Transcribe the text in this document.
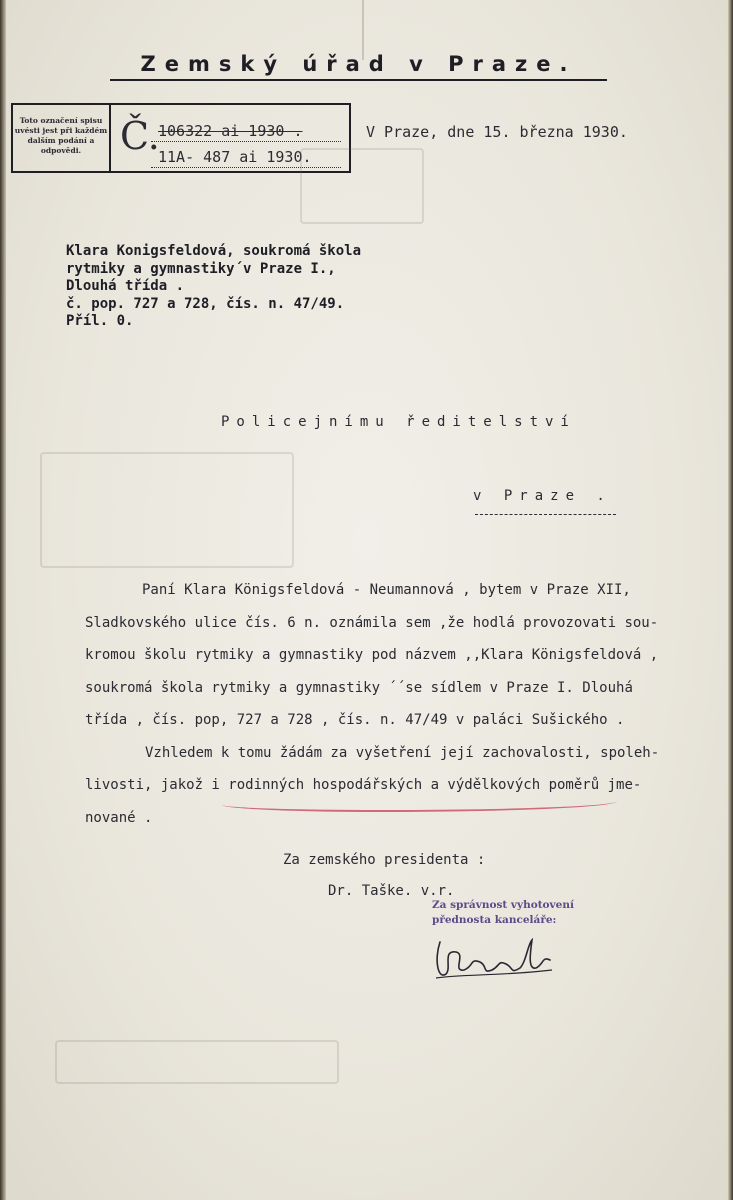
Zemský úřad v Praze.
Toto označení spisu uvésti jest při každém dalším podání a odpovědi.	Č.
106322 ai 1930 .
11A- 487 ai 1930.
V Praze, dne 15. března 1930.
Klara Konigsfeldová, soukromá škola
rytmiky a gymnastiky´v Praze I.,
Dlouhá třída .
č. pop. 727 a 728, čís. n. 47/49.
Příl. 0.
Policejnímu ředitelství
v Praze .
Paní Klara Königsfeldová - Neumannová , bytem v Praze XII,
Sladkovského ulice čís. 6 n. oznámila sem ,že hodlá provozovati sou-
kromou školu rytmiky a gymnastiky pod názvem ,,Klara Königsfeldová ,
soukromá škola rytmiky a gymnastiky ´´se sídlem v Praze I. Dlouhá
třída , čís. pop, 727 a 728 , čís. n. 47/49 v paláci Sušického .
Vzhledem k tomu žádám za vyšetření její zachovalosti, spoleh-
livosti, jakož i rodinných hospodářských a výdělkových poměrů jme-
nované .
Za zemského presidenta :
Dr. Taške. v.r.
Za správnost vyhotovení
přednosta kanceláře:
